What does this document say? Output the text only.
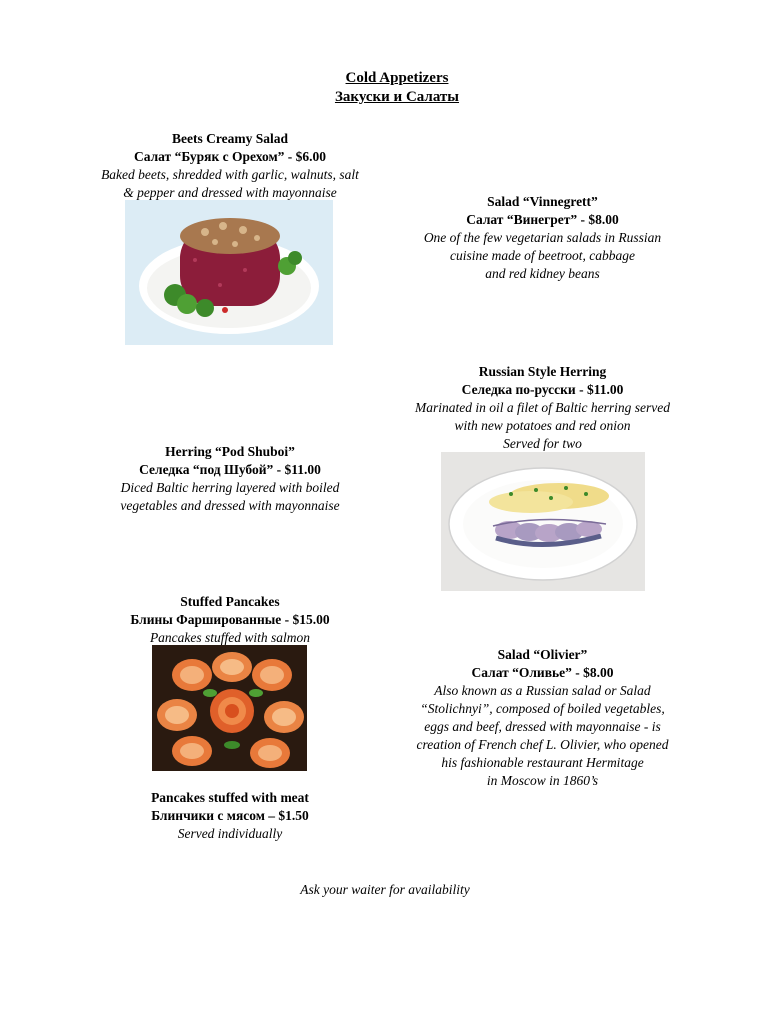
Cold Appetizers
Закуски и Салаты
Beets Creamy Salad
Салат “Буряк с Орехом” - $6.00
Baked beets, shredded with garlic, walnuts, salt
& pepper and dressed with mayonnaise
Salad “Vinnegrett”
Салат “Винегрет” - $8.00
One of the few vegetarian salads in Russian
cuisine made of beetroot, cabbage
and red kidney beans
Russian Style Herring
Селедка по-русски - $11.00
Marinated in oil a filet of Baltic herring served
with new potatoes and red onion
Served for two
Herring “Pod Shuboi”
Селедка “под Шубой” - $11.00
Diced Baltic herring layered with boiled
vegetables and dressed with mayonnaise
Stuffed Pancakes
Блины Фаршированные - $15.00
Pancakes stuffed with salmon
Salad “Olivier”
Салат “Оливье” - $8.00
Also known as a Russian salad or Salad
“Stolichnyi”, composed of boiled vegetables,
eggs and beef, dressed with mayonnaise - is
creation of French chef L. Olivier, who opened
his fashionable restaurant Hermitage
in Moscow in 1860’s
Pancakes stuffed with meat
Блинчики с мясом – $1.50
Served individually
Ask your waiter for availability
